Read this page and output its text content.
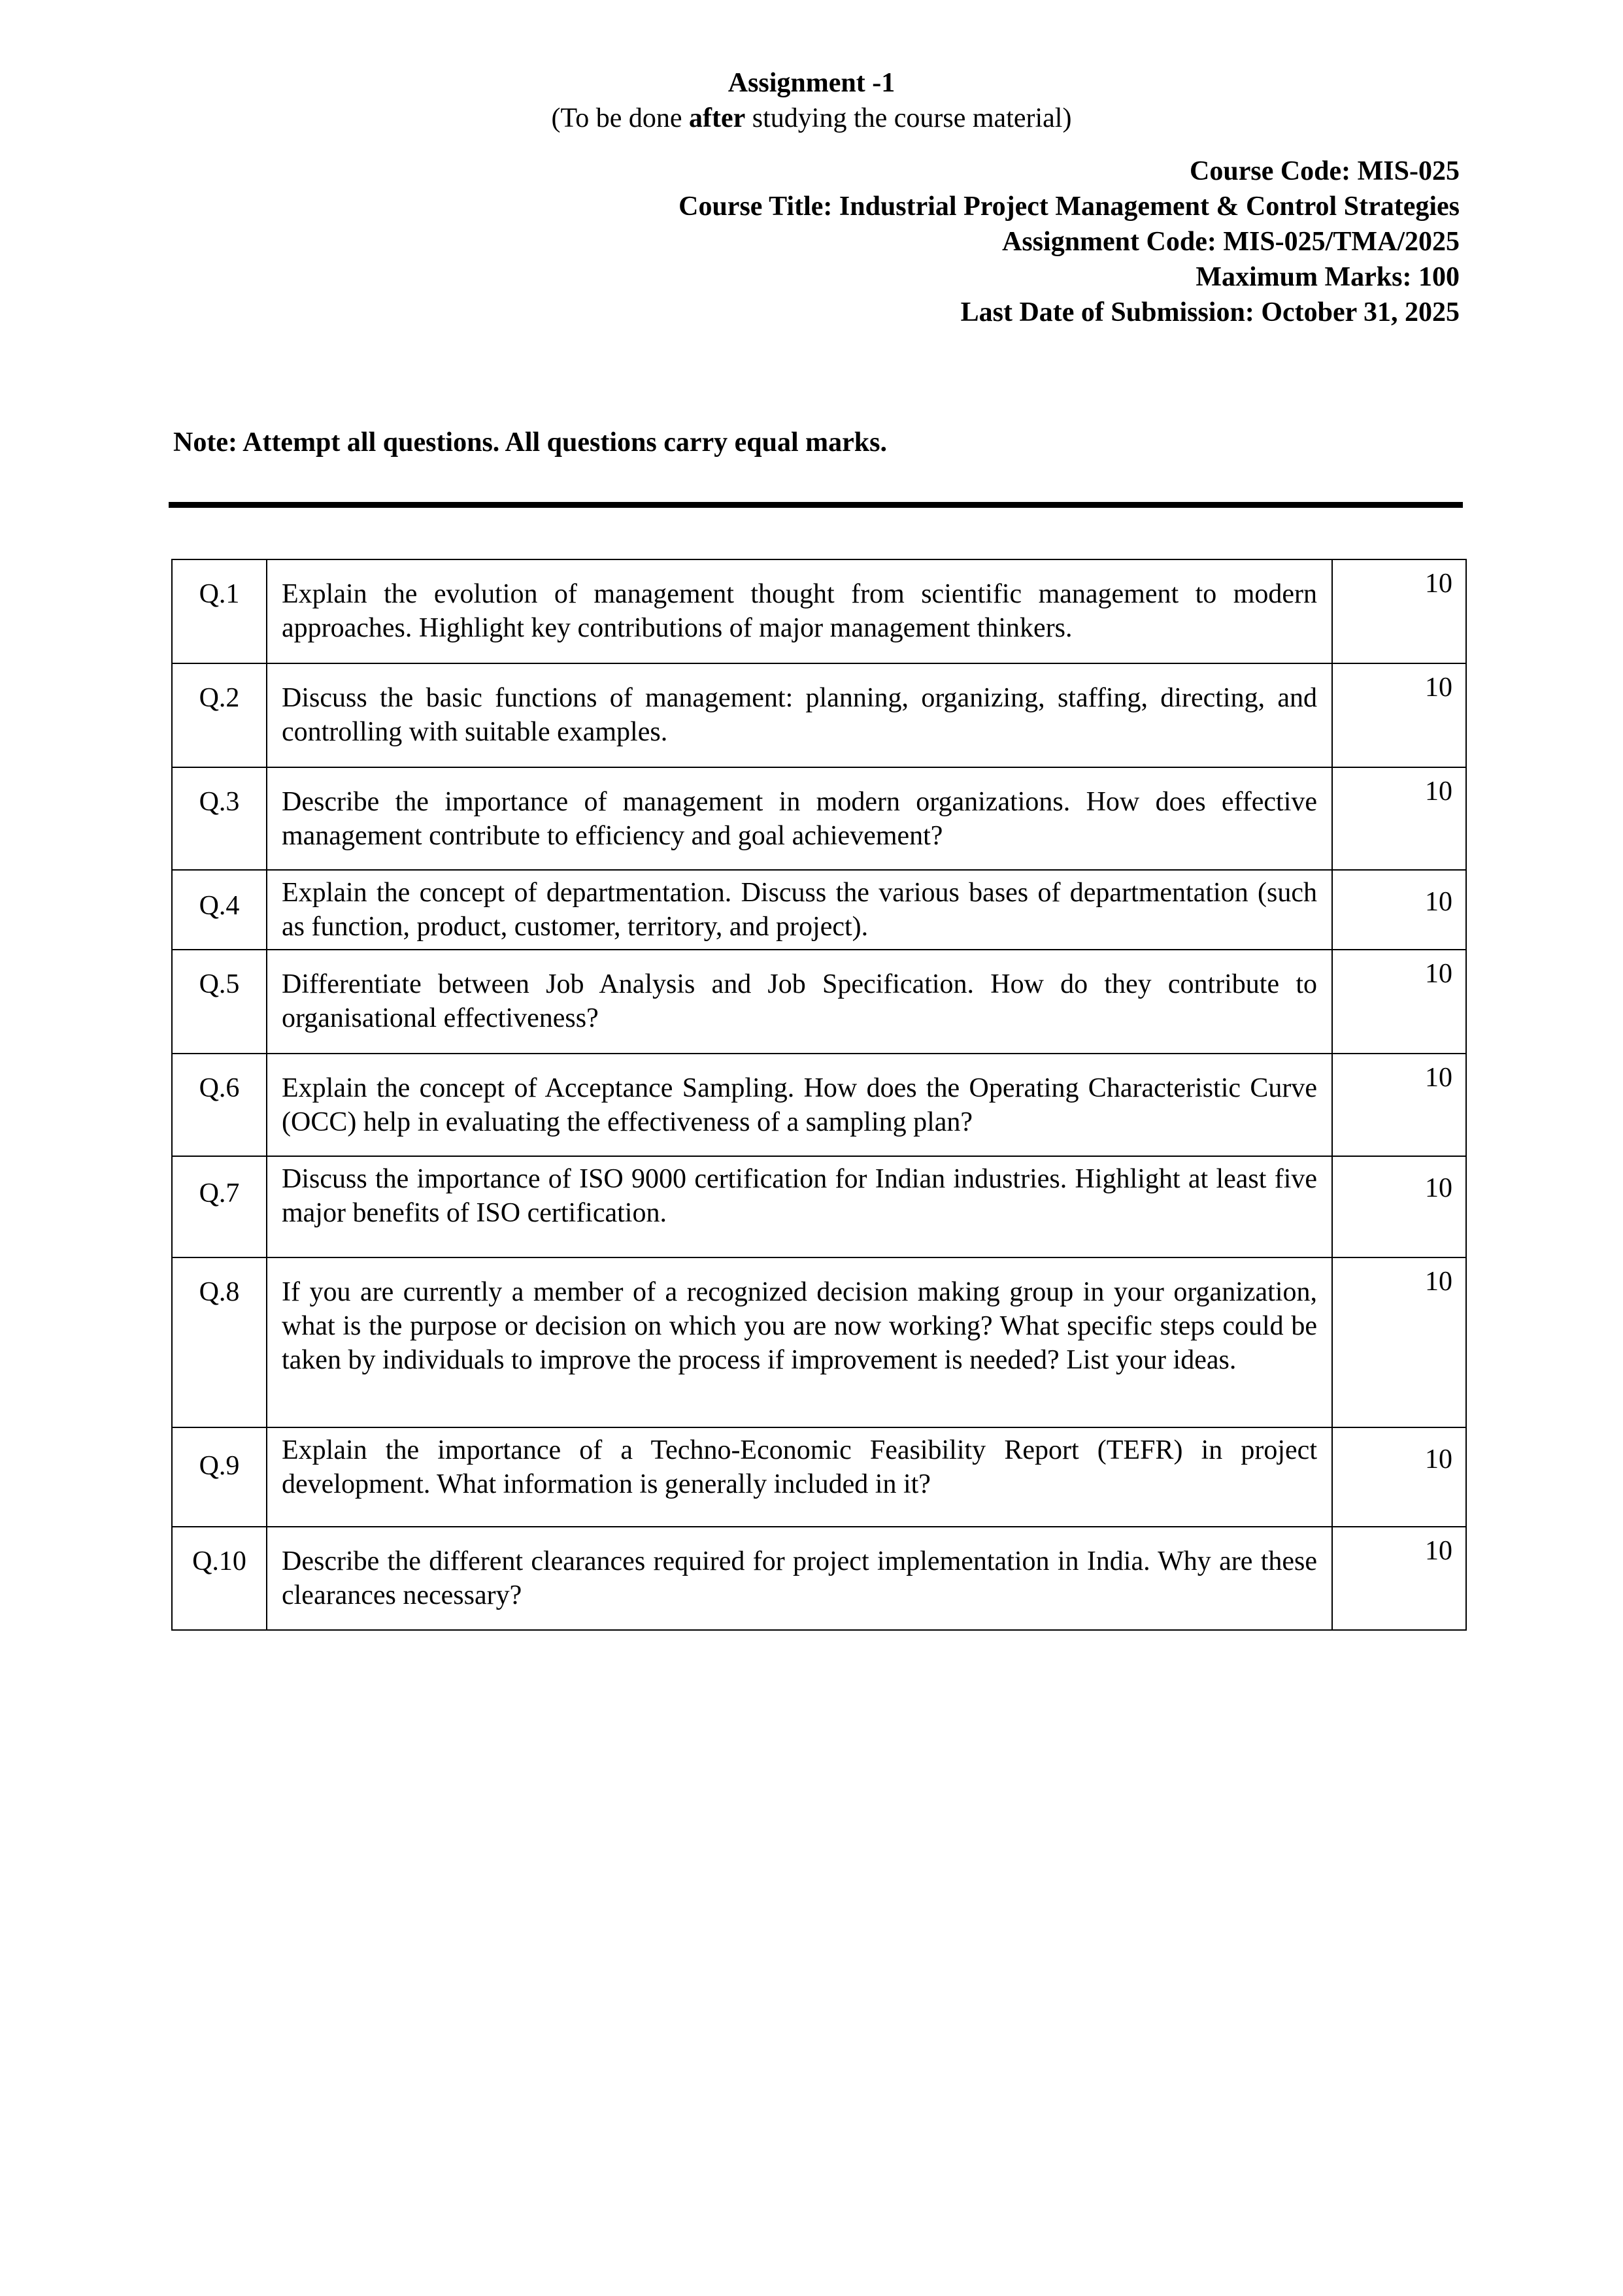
Assignment -1
(To be done after studying the course material)
Course Code: MIS-025
Course Title: Industrial Project Management & Control Strategies
Assignment Code: MIS-025/TMA/2025
Maximum Marks: 100
Last Date of Submission: October 31, 2025
Note: Attempt all questions. All questions carry equal marks.
Q.1	Explain the evolution of management thought from scientific management to modern approaches. Highlight key contributions of major management thinkers.	10
Q.2	Discuss the basic functions of management: planning, organizing, staffing, directing, and controlling with suitable examples.	10
Q.3	Describe the importance of management in modern organizations. How does effective management contribute to efficiency and goal achievement?	10
Q.4	Explain the concept of departmentation. Discuss the various bases of departmentation (such as function, product, customer, territory, and project).	10
Q.5	Differentiate between Job Analysis and Job Specification. How do they contribute to organisational effectiveness?	10
Q.6	Explain the concept of Acceptance Sampling. How does the Operating Characteristic Curve (OCC) help in evaluating the effectiveness of a sampling plan?	10
Q.7	Discuss the importance of ISO 9000 certification for Indian industries. Highlight at least five major benefits of ISO certification.	10
Q.8	If you are currently a member of a recognized decision making group in your organization, what is the purpose or decision on which you are now working? What specific steps could be taken by individuals to improve the process if improvement is needed? List your ideas.	10
Q.9	Explain the importance of a Techno-Economic Feasibility Report (TEFR) in project development. What information is generally included in it?	10
Q.10	Describe the different clearances required for project implementation in India. Why are these clearances necessary?	10
